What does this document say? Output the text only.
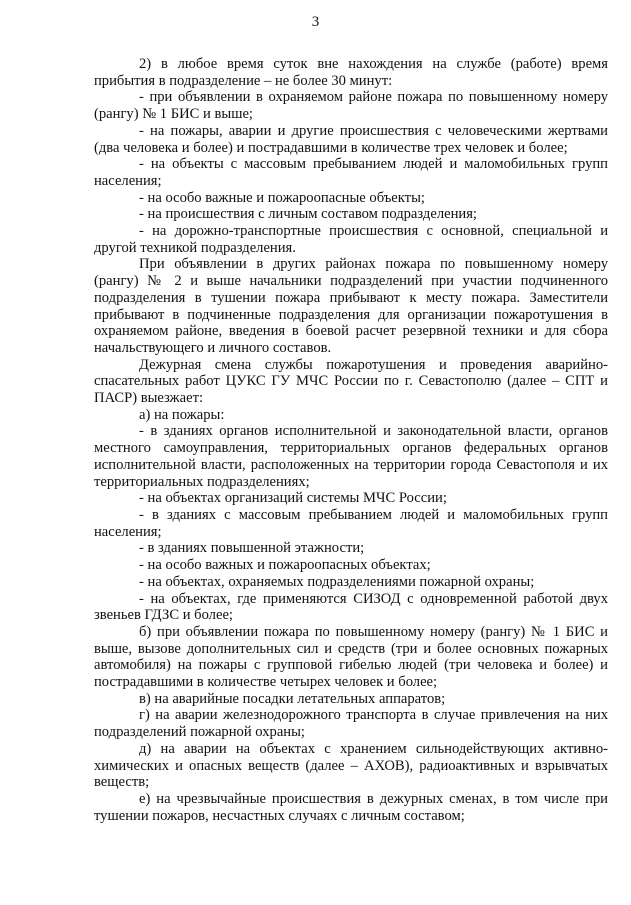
3

2) в любое время суток вне нахождения на службе (работе) время прибытия в подразделение – не более 30 минут:

- при объявлении в охраняемом районе пожара по повышенному номеру (рангу) № 1 БИС и выше;

- на пожары, аварии и другие происшествия с человеческими жертвами (два человека и более) и пострадавшими в количестве трех человек и более;

- на объекты с массовым пребыванием людей и маломобильных групп населения;

- на особо важные и пожароопасные объекты;

- на происшествия с личным составом подразделения;

- на дорожно-транспортные происшествия с основной, специальной и другой техникой подразделения.

При объявлении в других районах пожара по повышенному номеру (рангу) № 2 и выше начальники подразделений при участии подчиненного подразделения в тушении пожара прибывают к месту пожара. Заместители прибывают в подчиненные подразделения для организации пожаротушения в охраняемом районе, введения в боевой расчет резервной техники и для сбора начальствующего и личного составов.

Дежурная смена службы пожаротушения и проведения аварийно-спасательных работ ЦУКС ГУ МЧС России по г. Севастополю (далее – СПТ и ПАСР) выезжает:

а) на пожары:

- в зданиях органов исполнительной и законодательной власти, органов местного самоуправления, территориальных органов федеральных органов исполнительной власти, расположенных на территории города Севастополя и их территориальных подразделениях;

- на объектах организаций системы МЧС России;

- в зданиях с массовым пребыванием людей и маломобильных групп населения;

- в зданиях повышенной этажности;

- на особо важных и пожароопасных объектах;

- на объектах, охраняемых подразделениями пожарной охраны;

- на объектах, где применяются СИЗОД с одновременной работой двух звеньев ГДЗС и более;

б) при объявлении пожара по повышенному номеру (рангу) № 1 БИС и выше, вызове дополнительных сил и средств (три и более основных пожарных автомобиля) на пожары с групповой гибелью людей (три человека и более) и пострадавшими в количестве четырех человек и более;

в) на аварийные посадки летательных аппаратов;

г) на аварии железнодорожного транспорта в случае привлечения на них подразделений пожарной охраны;

д) на аварии на объектах с хранением сильнодействующих активно-химических и опасных веществ (далее – АХОВ), радиоактивных и взрывчатых веществ;

е) на чрезвычайные происшествия в дежурных сменах, в том числе при тушении пожаров, несчастных случаях с личным составом;
